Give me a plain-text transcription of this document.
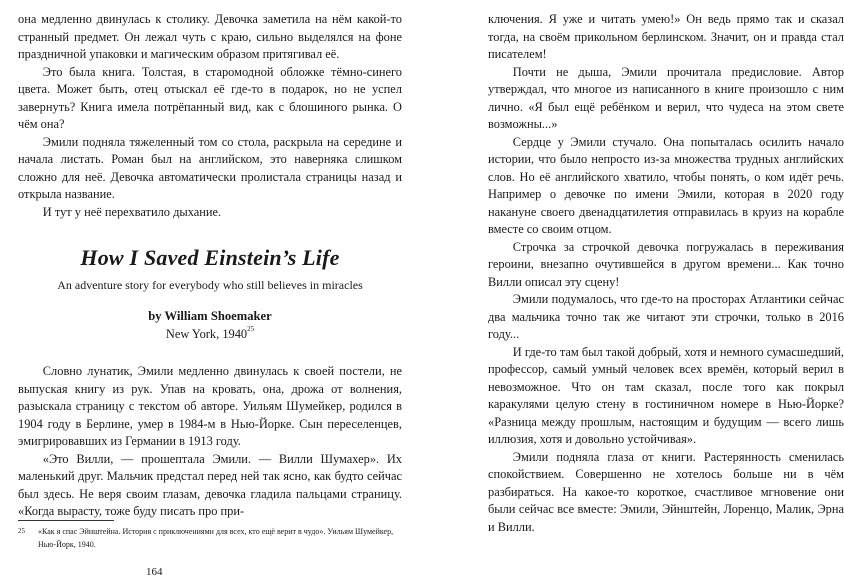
она медленно двинулась к столику. Девочка заметила на нём какой-то странный предмет. Он лежал чуть с краю, сильно выделялся на фоне праздничной упаковки и магическим образом притягивал её.

Это была книга. Толстая, в старомодной обложке тёмно-синего цвета. Может быть, отец отыскал её где-то в подарок, но не успел завернуть? Книга имела потрёпанный вид, как с блошиного рынка. О чём она?

Эмили подняла тяжеленный том со стола, раскрыла на середине и начала листать. Роман был на английском, это наверняка слишком сложно для неё. Девочка автоматически пролистала страницы назад и открыла название.

И тут у неё перехватило дыхание.

How I Saved Einstein’s Life
An adventure story for everybody who still believes in miracles
by William Shoemaker
New York, 1940$^{25}$

Словно лунатик, Эмили медленно двинулась к своей постели, не выпуская книгу из рук. Упав на кровать, она, дрожа от волнения, разыскала страницу с текстом об авторе. Уильям Шумейкер, родился в 1904 году в Берлине, умер в 1984-м в Нью-Йорке. Сын переселенцев, эмигрировавших из Германии в 1913 году.

«Это Вилли, — прошептала Эмили. — Вилли Шумахер». Их маленький друг. Мальчик предстал перед ней так ясно, как будто сейчас был здесь. Не веря своим глазам, девочка гладила пальцами страницу. «Когда вырасту, тоже буду писать про при-

25	«Как я спас Эйнштейна. История с приключениями для всех, кто ещё верит в чудо». Уильям Шумейкер, Нью-Йорк, 1940.
164

ключения. Я уже и читать умею!» Он ведь прямо так и сказал тогда, на своём прикольном берлинском. Значит, он и правда стал писателем!

Почти не дыша, Эмили прочитала предисловие. Автор утверждал, что многое из написанного в книге произошло с ним лично. «Я был ещё ребёнком и верил, что чудеса на этом свете возможны...»

Сердце у Эмили стучало. Она попыталась осилить начало истории, что было непросто из-за множества трудных английских слов. Но её английского хватило, чтобы понять, о ком идёт речь. Например о девочке по имени Эмили, которая в 2020 году накануне своего двенадцатилетия отправилась в круиз на корабле вместе со своим отцом.

Строчка за строчкой девочка погружалась в переживания героини, внезапно очутившейся в другом времени... Как точно Вилли описал эту сцену!

Эмили подумалось, что где-то на просторах Атлантики сейчас два мальчика точно так же читают эти строчки, только в 2016 году...

И где-то там был такой добрый, хотя и немного сумасшедший, профессор, самый умный человек всех времён, который верил в невозможное. Что он там сказал, после того как покрыл каракулями целую стену в гостиничном номере в Нью-Йорке? «Разница между прошлым, настоящим и будущим — всего лишь иллюзия, хотя и довольно устойчивая».

Эмили подняла глаза от книги. Растерянность сменилась спокойствием. Совершенно не хотелось больше ни в чём разбираться. На какое-то короткое, счастливое мгновение они были сейчас все вместе: Эмили, Эйнштейн, Лоренцо, Малик, Эрна и Вилли.
